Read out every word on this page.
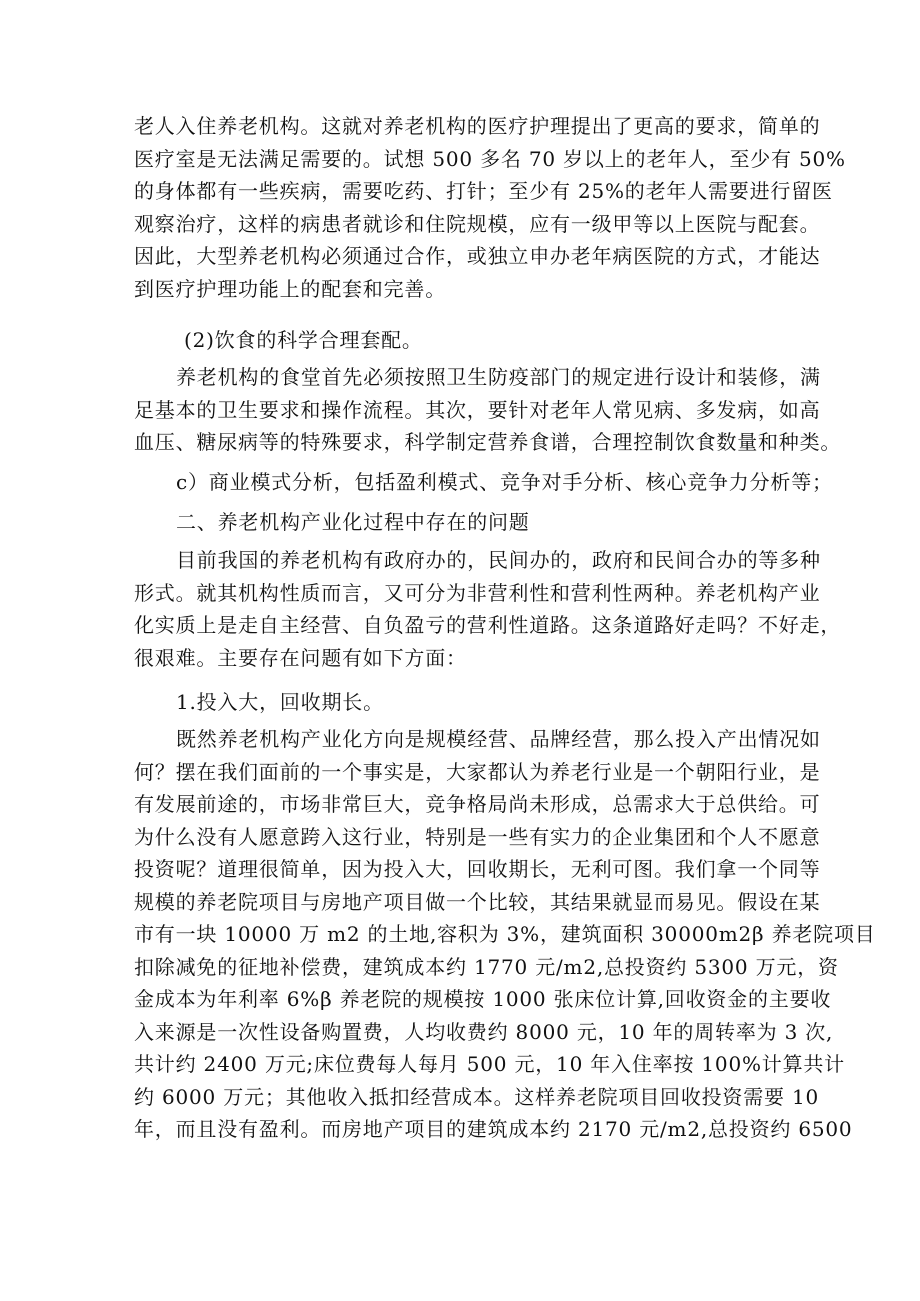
老人入住养老机构。这就对养老机构的医疗护理提出了更高的要求，简单的
医疗室是无法满足需要的。试想 500 多名 70 岁以上的老年人，至少有 50%
的身体都有一些疾病，需要吃药、打针；至少有 25%的老年人需要进行留医
观察治疗，这样的病患者就诊和住院规模，应有一级甲等以上医院与配套。
因此，大型养老机构必须通过合作，或独立申办老年病医院的方式，才能达
到医疗护理功能上的配套和完善。
(2)饮食的科学合理套配。
养老机构的食堂首先必须按照卫生防疫部门的规定进行设计和装修，满
足基本的卫生要求和操作流程。其次，要针对老年人常见病、多发病，如高
血压、糖尿病等的特殊要求，科学制定营养食谱，合理控制饮食数量和种类。
c）商业模式分析，包括盈利模式、竞争对手分析、核心竞争力分析等；
二、养老机构产业化过程中存在的问题
目前我国的养老机构有政府办的，民间办的，政府和民间合办的等多种
形式。就其机构性质而言，又可分为非营利性和营利性两种。养老机构产业
化实质上是走自主经营、自负盈亏的营利性道路。这条道路好走吗？不好走，
很艰难。主要存在问题有如下方面：
1.投入大，回收期长。
既然养老机构产业化方向是规模经营、品牌经营，那么投入产出情况如
何？摆在我们面前的一个事实是，大家都认为养老行业是一个朝阳行业，是
有发展前途的，市场非常巨大，竞争格局尚未形成，总需求大于总供给。可
为什么没有人愿意跨入这行业，特别是一些有实力的企业集团和个人不愿意
投资呢？道理很简单，因为投入大，回收期长，无利可图。我们拿一个同等
规模的养老院项目与房地产项目做一个比较，其结果就显而易见。假设在某
市有一块 10000 万 m2 的土地,容积为 3%，建筑面积 30000m2β 养老院项目
扣除减免的征地补偿费，建筑成本约 1770 元/m2,总投资约 5300 万元，资
金成本为年利率 6%β 养老院的规模按 1000 张床位计算,回收资金的主要收
入来源是一次性设备购置费，人均收费约 8000 元，10 年的周转率为 3 次,
共计约 2400 万元;床位费每人每月 500 元，10 年入住率按 100%计算共计
约 6000 万元；其他收入抵扣经营成本。这样养老院项目回收投资需要 10
年，而且没有盈利。而房地产项目的建筑成本约 2170 元/m2,总投资约 6500
